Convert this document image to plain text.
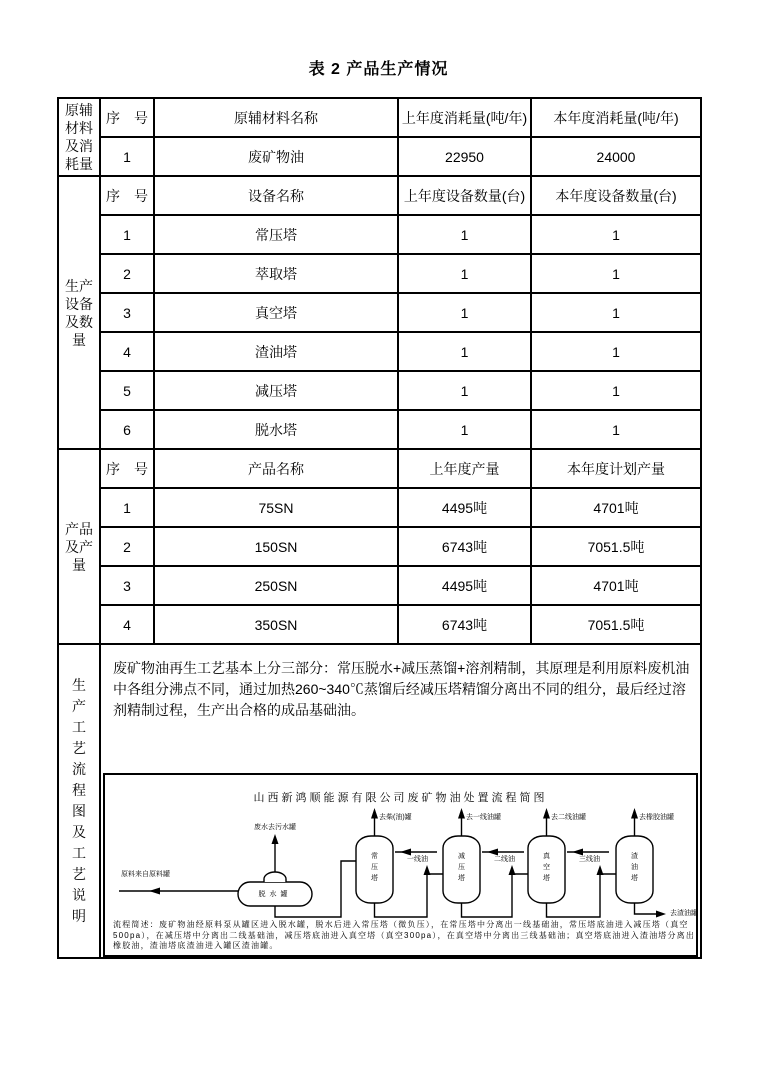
表 2 产品生产情况
原辅材料及消耗量	序　号	原辅材料名称	上年度消耗量(吨/年)	本年度消耗量(吨/年)
	1	废矿物油	22950	24000

生产设备及数量	序　号	设备名称	上年度设备数量(台)	本年度设备数量(台)
	1	常压塔	1	1
	2	萃取塔	1	1
	3	真空塔	1	1
	4	渣油塔	1	1
	5	减压塔	1	1
	6	脱水塔	1	1

产品及产量	序　号	产品名称	上年度产量	本年度计划产量
	1	75SN	4495吨	4701吨
	2	150SN	6743吨	7051.5吨
	3	250SN	4495吨	4701吨
	4	350SN	6743吨	7051.5吨

生产工艺流程图及工艺说明

废矿物油再生工艺基本上分三部分：常压脱水+减压蒸馏+溶剂精制，其原理是利用原料废机油中各组分沸点不同，通过加热260~340℃蒸馏后经减压塔精馏分离出不同的组分，最后经过溶剂精制过程，生产出合格的成品基础油。
山西新鸿顺能源有限公司废矿物油处置流程简图
原料来自原料罐
废水去污水罐
脱水罐
常压塔
减压塔
真空塔
渣油塔
去柴(油)罐	去一线油罐	去二线油罐	去橡胶油罐
一线油	二线油	三线油
去渣油罐
流程简述：废矿物油经原料泵从罐区进入脱水罐，脱水后进入常压塔（微负压），在常压塔中分离出一线基础油，常压塔底油进入减压塔（真空500pa），在减压塔中分离出二线基础油，减压塔底油进入真空塔（真空300pa），在真空塔中分离出三线基础油；真空塔底油进入渣油塔分离出橡胶油，渣油塔底渣油进入罐区渣油罐。
